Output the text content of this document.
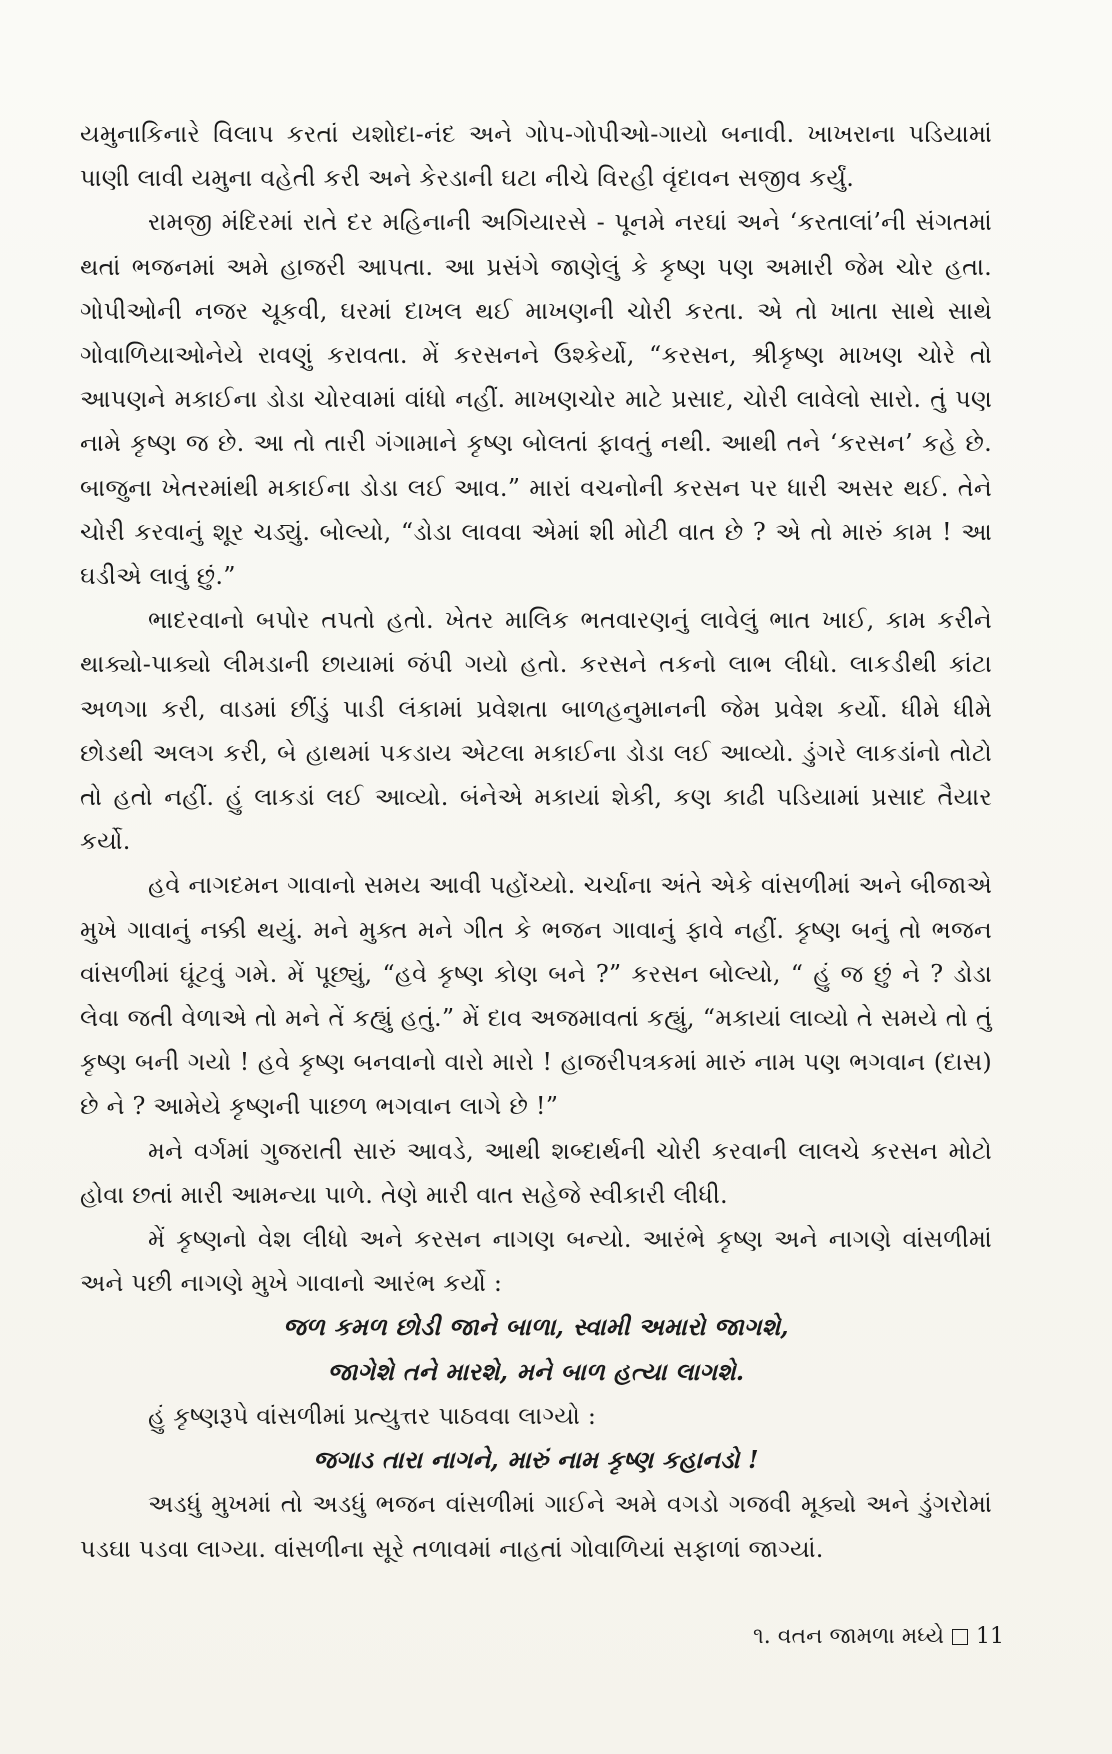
યમુનાકિનારે વિલાપ કરતાં યશોદા-નંદ અને ગોપ-ગોપીઓ-ગાયો બનાવી. ખાખરાના પડિયામાં પાણી લાવી યમુના વહેતી કરી અને કેરડાની ઘટા નીચે વિરહી વૃંદાવન સજીવ કર્યું.

રામજી મંદિરમાં રાતે દર મહિનાની અગિયારસે - પૂનમે નરઘાં અને ‘કરતાલાં’ની સંગતમાં થતાં ભજનમાં અમે હાજરી આપતા. આ પ્રસંગે જાણેલું કે કૃષ્ણ પણ અમારી જેમ ચોર હતા. ગોપીઓની નજર ચૂકવી, ઘરમાં દાખલ થઈ માખણની ચોરી કરતા. એ તો ખાતા સાથે સાથે ગોવાળિયાઓનેયે રાવણું કરાવતા. મેં કરસનને ઉશ્કેર્યો, “કરસન, શ્રીકૃષ્ણ માખણ ચોરે તો આપણને મકાઈના ડોડા ચોરવામાં વાંધો નહીં. માખણચોર માટે પ્રસાદ, ચોરી લાવેલો સારો. તું પણ નામે કૃષ્ણ જ છે. આ તો તારી ગંગામાને કૃષ્ણ બોલતાં ફાવતું નથી. આથી તને ‘કરસન’ કહે છે. બાજુના ખેતરમાંથી મકાઈના ડોડા લઈ આવ.” મારાં વચનોની કરસન પર ધારી અસર થઈ. તેને ચોરી કરવાનું શૂર ચડ્યું. બોલ્યો, “ડોડા લાવવા એમાં શી મોટી વાત છે ? એ તો મારું કામ ! આ ઘડીએ લાવું છું.”

ભાદરવાનો બપોર તપતો હતો. ખેતર માલિક ભતવારણનું લાવેલું ભાત ખાઈ, કામ કરીને થાક્યો-પાક્યો લીમડાની છાયામાં જંપી ગયો હતો. કરસને તકનો લાભ લીધો. લાકડીથી કાંટા અળગા કરી, વાડમાં છીંડું પાડી લંકામાં પ્રવેશતા બાળહનુમાનની જેમ પ્રવેશ કર્યો. ધીમે ધીમે છોડથી અલગ કરી, બે હાથમાં પકડાય એટલા મકાઈના ડોડા લઈ આવ્યો. ડુંગરે લાકડાંનો તોટો તો હતો નહીં. હું લાકડાં લઈ આવ્યો. બંનેએ મકાયાં શેકી, કણ કાઢી પડિયામાં પ્રસાદ તૈયાર કર્યો.

હવે નાગદમન ગાવાનો સમય આવી પહોંચ્યો. ચર્ચાના અંતે એકે વાંસળીમાં અને બીજાએ મુખે ગાવાનું નક્કી થયું. મને મુક્ત મને ગીત કે ભજન ગાવાનું ફાવે નહીં. કૃષ્ણ બનું તો ભજન વાંસળીમાં ઘૂંટવું ગમે. મેં પૂછ્યું, “હવે કૃષ્ણ કોણ બને ?” કરસન બોલ્યો, “ હું જ છું ને ? ડોડા લેવા જતી વેળાએ તો મને તેં કહ્યું હતું.” મેં દાવ અજમાવતાં કહ્યું, “મકાયાં લાવ્યો તે સમયે તો તું કૃષ્ણ બની ગયો ! હવે કૃષ્ણ બનવાનો વારો મારો ! હાજરીપત્રકમાં મારું નામ પણ ભગવાન (દાસ) છે ને ? આમેયે કૃષ્ણની પાછળ ભગવાન લાગે છે !”

મને વર્ગમાં ગુજરાતી સારું આવડે, આથી શબ્દાર્થની ચોરી કરવાની લાલચે કરસન મોટો હોવા છતાં મારી આમન્યા પાળે. તેણે મારી વાત સહેજે સ્વીકારી લીધી.

મેં કૃષ્ણનો વેશ લીધો અને કરસન નાગણ બન્યો. આરંભે કૃષ્ણ અને નાગણે વાંસળીમાં અને પછી નાગણે મુખે ગાવાનો આરંભ કર્યો :

જળ કમળ છોડી જાને બાળા, સ્વામી અમારો જાગશે,

જાગેશે તને મારશે, મને બાળ હત્યા લાગશે.

હું કૃષ્ણરૂપે વાંસળીમાં પ્રત્યુત્તર પાઠવવા લાગ્યો :

જગાડ તારા નાગને, મારું નામ કૃષ્ણ કહાનડો !

અડધું મુખમાં તો અડધું ભજન વાંસળીમાં ગાઈને અમે વગડો ગજવી મૂક્યો અને ડુંગરોમાં પડઘા પડવા લાગ્યા. વાંસળીના સૂરે તળાવમાં નાહતાં ગોવાળિયાં સફાળાં જાગ્યાં.

૧. વતન જામળા મધ્યે 11
